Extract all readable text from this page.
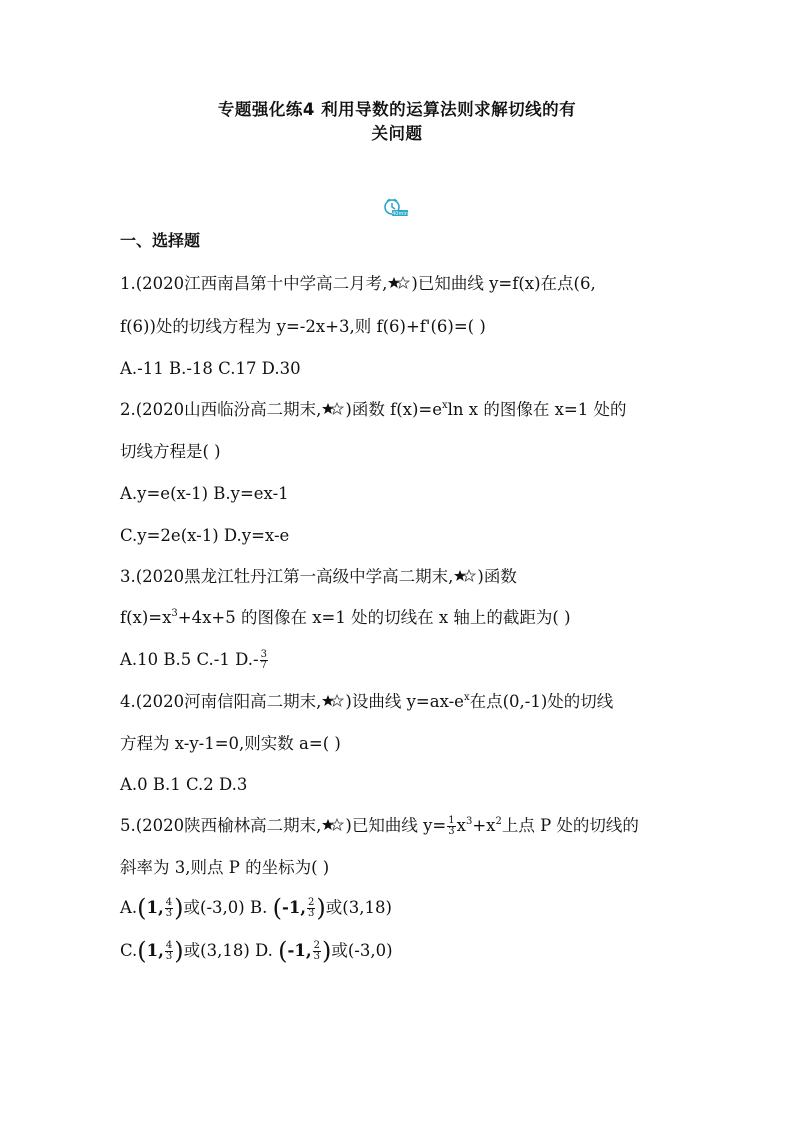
专题强化练4 利用导数的运算法则求解切线的有
关问题
40min
一、选择题
1.(2020江西南昌第十中学高二月考, )已知曲线 y=f(x)在点(6,
f(6))处的切线方程为 y=-2x+3,则 f(6)+f'(6)=( )
A.-11 B.-18 C.17 D.30
2.(2020山西临汾高二期末, )函数 $f(x)=e^x\ln$ x 的图像在 x=1 处的
切线方程是( )
A.y=e(x-1) B.y=ex-1
C.y=2e(x-1) D.y=x-e
3.(2020黑龙江牡丹江第一高级中学高二期末, )函数
$f(x)=x^3+4x+5$ 的图像在 x=1 处的切线在 x 轴上的截距为( )
A.10 B.5 C.-1 $D.- \frac{3}{7}$
4.(2020河南信阳高二期末, )设曲线 $y=ax-e^x$在点(0,-1)处的切线
方程为 x-y-1=0,则实数 a=( )
A.0 B.1 C.2 D.3
5.(2020陕西榆林高二期末, )已知曲线 $y= \frac{1}{3} x^3+x^2$上点 P 处的切线的
斜率为 3,则点 P 的坐标为( )
A.(1, $\frac{4}{3}$ )或(-3,0) B. (-1, $\frac{2}{3}$ )或(3,18)
C.(1, $\frac{4}{3}$ )或(3,18) D. (-1, $\frac{2}{3}$ )或(-3,0)
